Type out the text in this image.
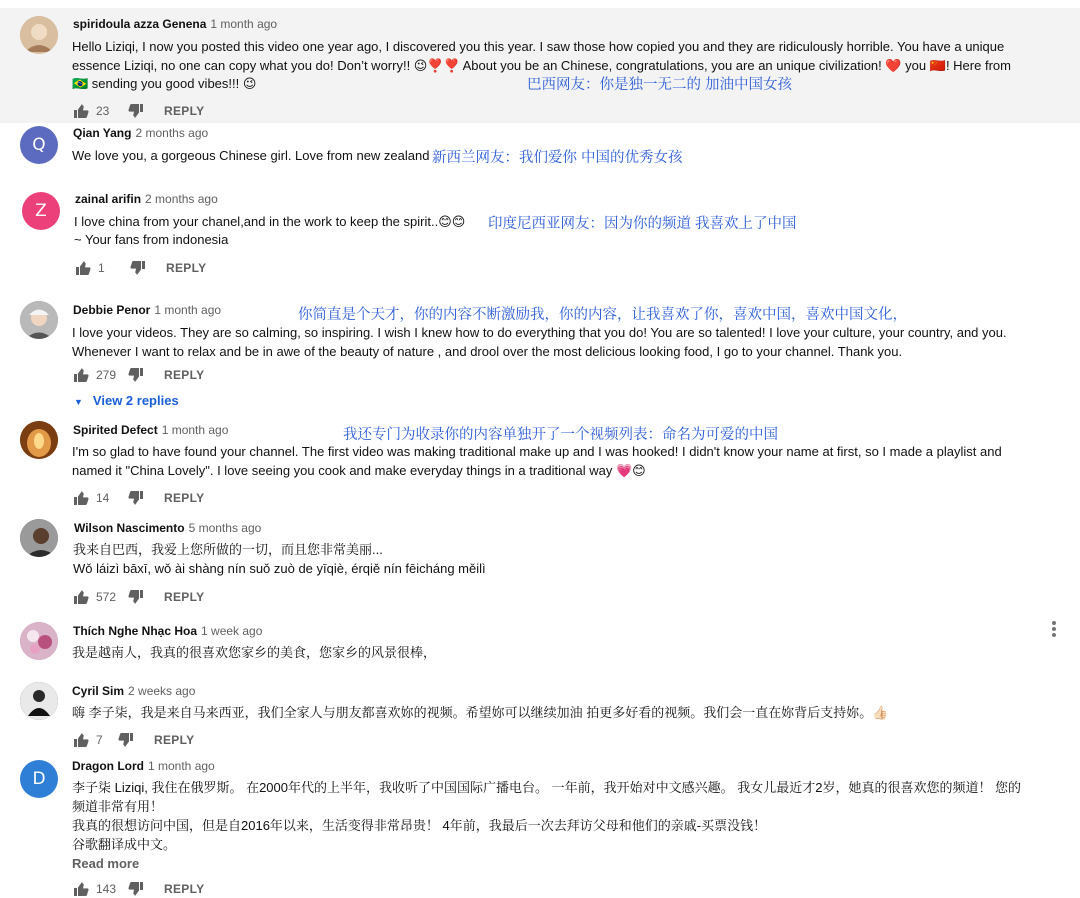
spiridoula azza Genena 1 month ago
Hello Liziqi, I now you posted this video one year ago, I discovered you this year. I saw those how copied you and they are ridiculously horrible. You have a unique
essence Liziqi, no one can copy what you do! Don’t worry!! 😉❣️❣️ About you be an Chinese, congratulations, you are an unique civilization! ❤️ you 🇨🇳! Here from
🇧🇷 sending you good vibes!!! 😉	巴西网友：你是独一无二的 加油中国女孩
23	REPLY
Q
Qian Yang 2 months ago
We love you, a gorgeous Chinese girl. Love from new zealand 新西兰网友：我们爱你 中国的优秀女孩
Z
zainal arifin 2 months ago
I love china from your chanel,and in the work to keep the spirit..😊😊
~ Your fans from indonesia
印度尼西亚网友：因为你的频道 我喜欢上了中国
1	REPLY
Debbie Penor 1 month ago	你简直是个天才，你的内容不断激励我，你的内容，让我喜欢了你，喜欢中国，喜欢中国文化，
I love your videos. They are so calming, so inspiring. I wish I knew how to do everything that you do! You are so talented! I love your culture, your country, and you.
Whenever I want to relax and be in awe of the beauty of nature , and drool over the most delicious looking food, I go to your channel. Thank you.
279	REPLY
▼ View 2 replies
Spirited Defect 1 month ago	我还专门为收录你的内容单独开了一个视频列表：命名为可爱的中国
I'm so glad to have found your channel. The first video was making traditional make up and I was hooked! I didn't know your name at first, so I made a playlist and
named it "China Lovely". I love seeing you cook and make everyday things in a traditional way 💗😊
14	REPLY
Wilson Nascimento 5 months ago
我来自巴西，我爱上您所做的一切，而且您非常美丽...
Wǒ láizì bāxī, wǒ ài shàng nín suǒ zuò de yīqiè, érqiě nín fēicháng měilì
572	REPLY
Thích Nghe Nhạc Hoa 1 week ago
我是越南人，我真的很喜欢您家乡的美食，您家乡的风景很棒，
Cyril Sim 2 weeks ago
嗨 李子柒，我是来自马来西亚，我们全家人与朋友都喜欢妳的视频。希望妳可以继续加油 拍更多好看的视频。我们会一直在妳背后支持妳。👍🏻
7	REPLY
D
Dragon Lord 1 month ago
李子柒 Liziqi, 我住在俄罗斯。 在2000年代的上半年，我收听了中国国际广播电台。 一年前，我开始对中文感兴趣。 我女儿最近才2岁，她真的很喜欢您的频道！ 您的
频道非常有用！
我真的很想访问中国，但是自2016年以来，生活变得非常昂贵！ 4年前，我最后一次去拜访父母和他们的亲戚-买票没钱！
谷歌翻译成中文。
Read more
143	REPLY
